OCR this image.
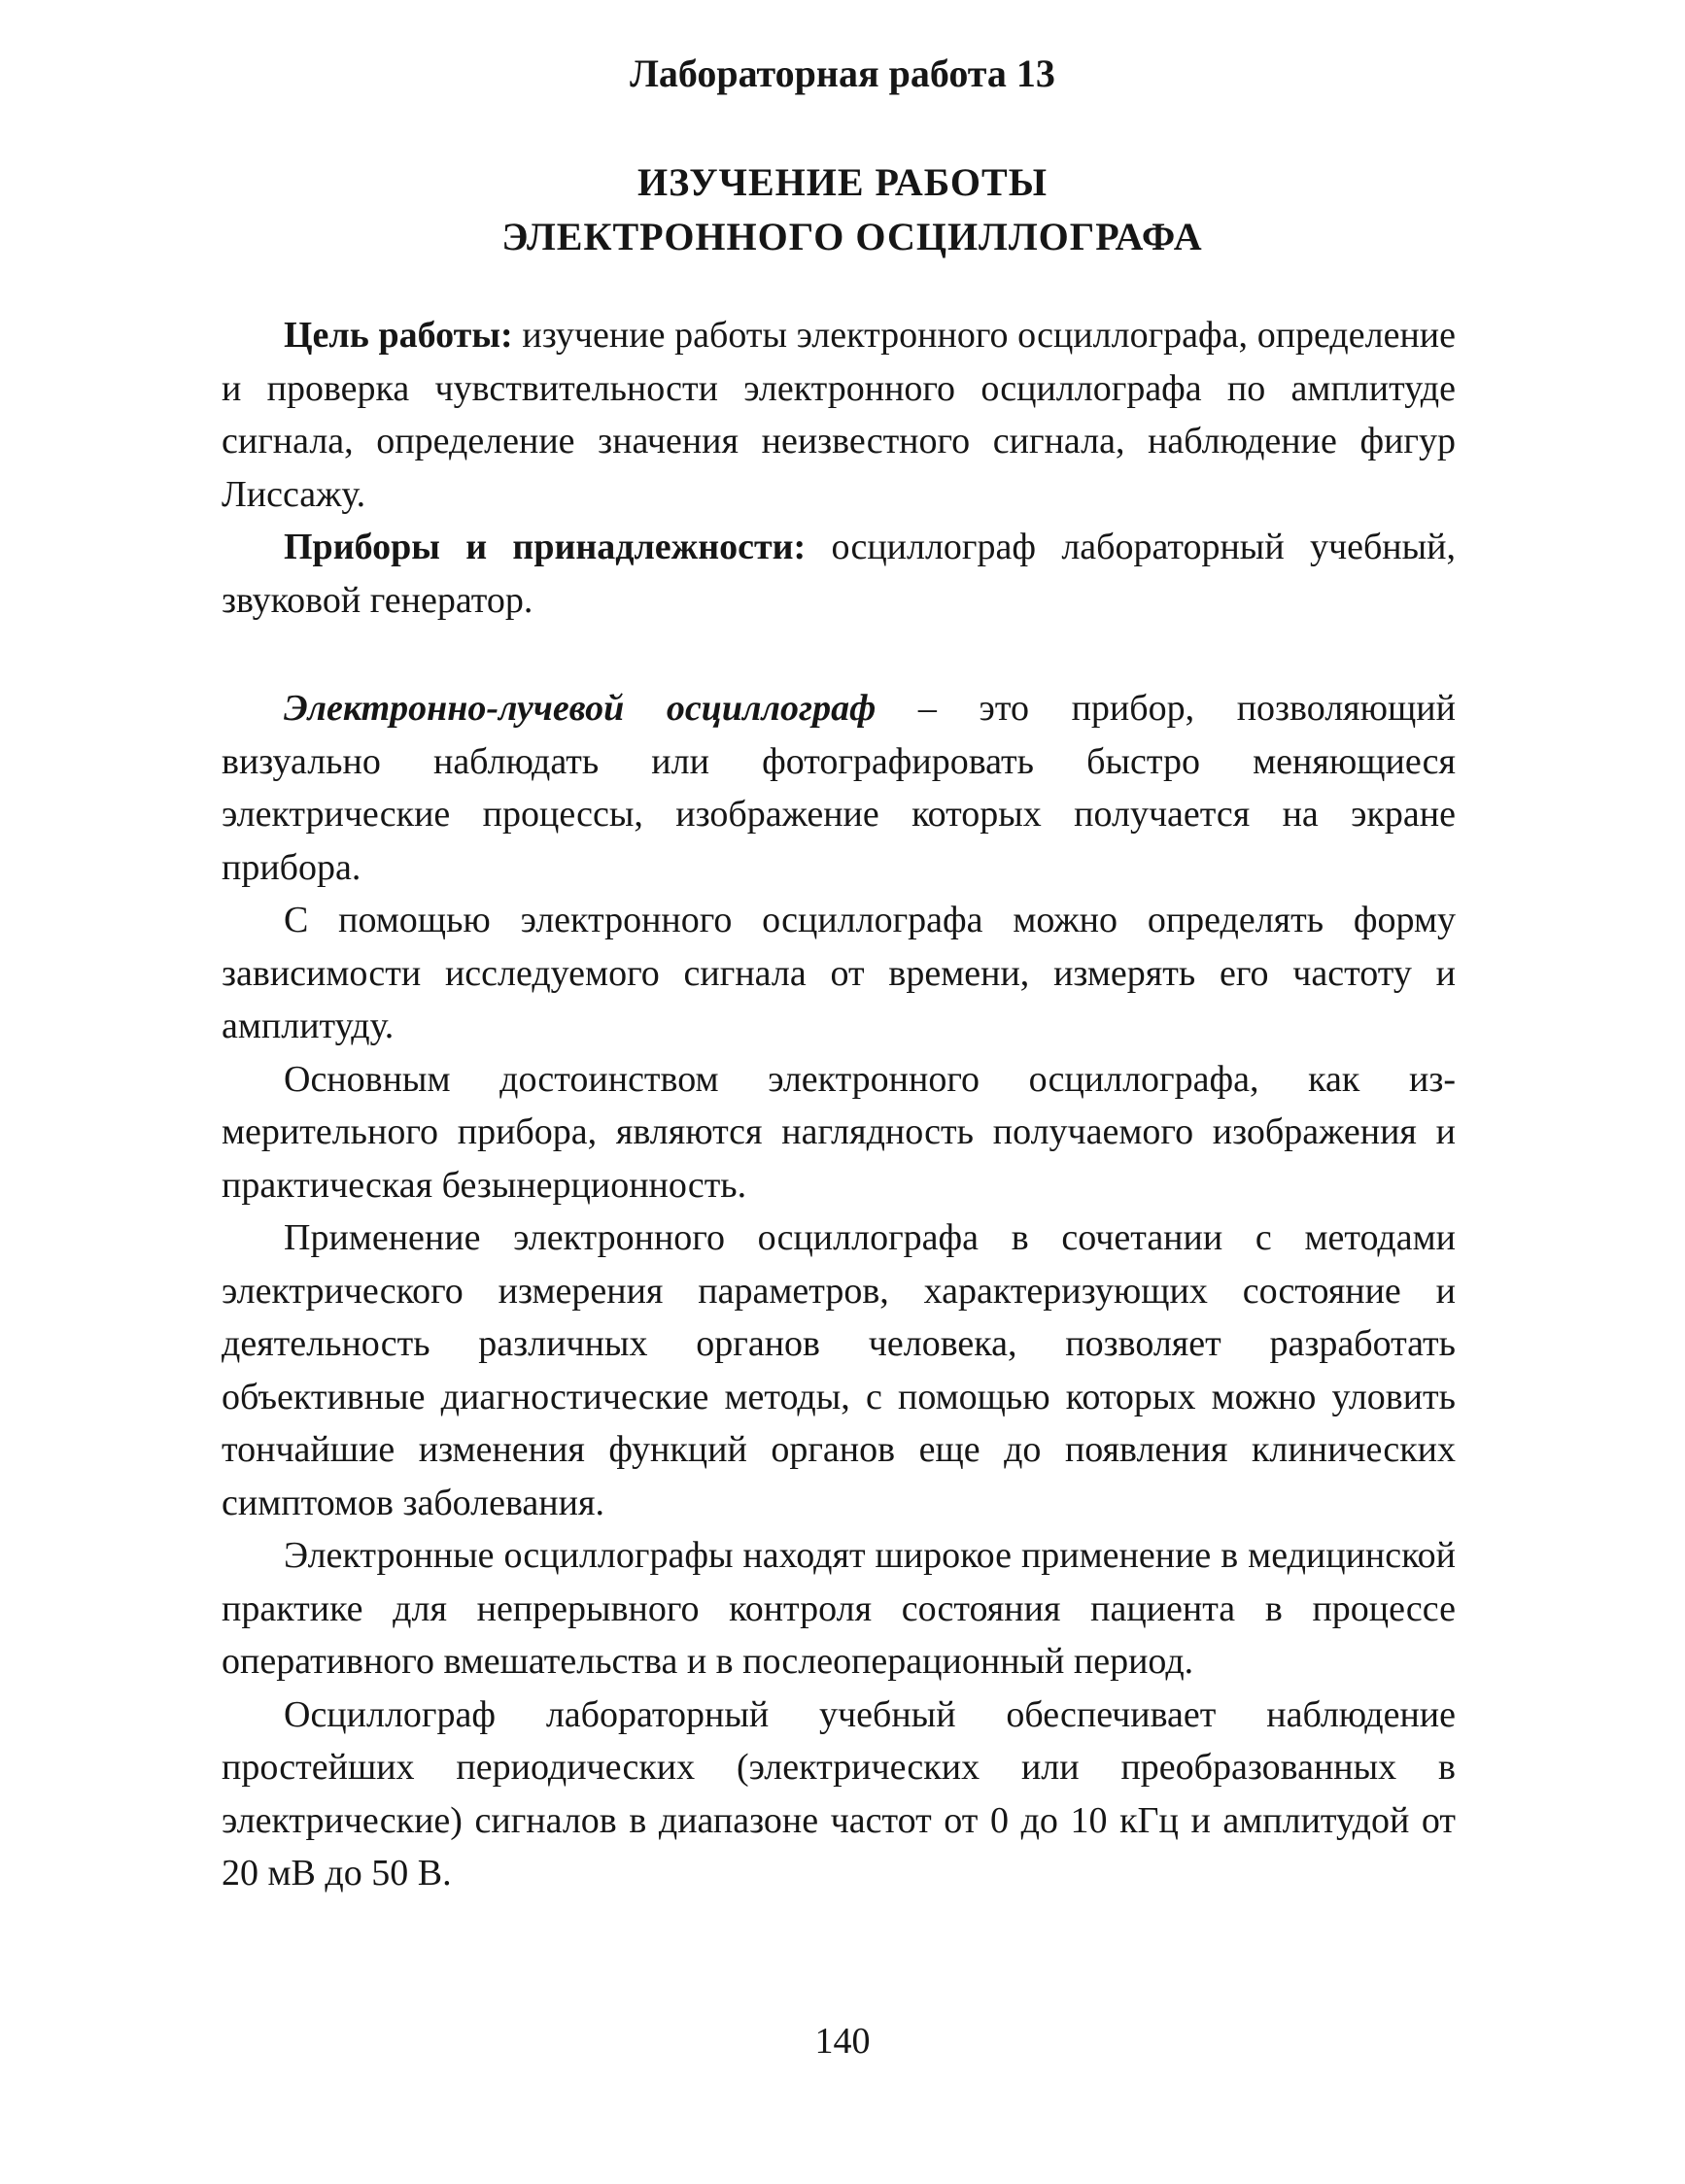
Лабораторная работа 13
ИЗУЧЕНИЕ РАБОТЫ
ЭЛЕКТРОННОГО ОСЦИЛЛОГРАФА

Цель работы: изучение работы электронного осциллографа, определение и проверка чувствительности электронного осциллографа по амплитуде сигнала, определение значения неизвестного сигнала, наблюдение фигур Лиссажу.

Приборы и принадлежности: осциллограф лабораторный учебный, звуковой генератор.

Электронно-лучевой осциллограф – это прибор, позволяющий визуально наблюдать или фотографировать быстро меняющиеся электрические процессы, изображение которых получается на экране прибора.

С помощью электронного осциллографа можно определять форму зависимости исследуемого сигнала от времени, измерять его частоту и амплитуду.

Основным достоинством электронного осциллографа, как измерительного прибора, являются наглядность получаемого изображения и практическая безынерционность.

Применение электронного осциллографа в сочетании с методами электрического измерения параметров, характеризующих состояние и деятельность различных органов человека, позволяет разработать объективные диагностические методы, с помощью которых можно уловить тончайшие изменения функций органов еще до появления клинических симптомов заболевания.

Электронные осциллографы находят широкое применение в медицинской практике для непрерывного контроля состояния пациента в процессе оперативного вмешательства и в послеоперационный период.

Осциллограф лабораторный учебный обеспечивает наблюдение простейших периодических (электрических или преобразованных в электрические) сигналов в диапазоне частот от 0 до 10 кГц и амплитудой от 20 мВ до 50 В.

140
